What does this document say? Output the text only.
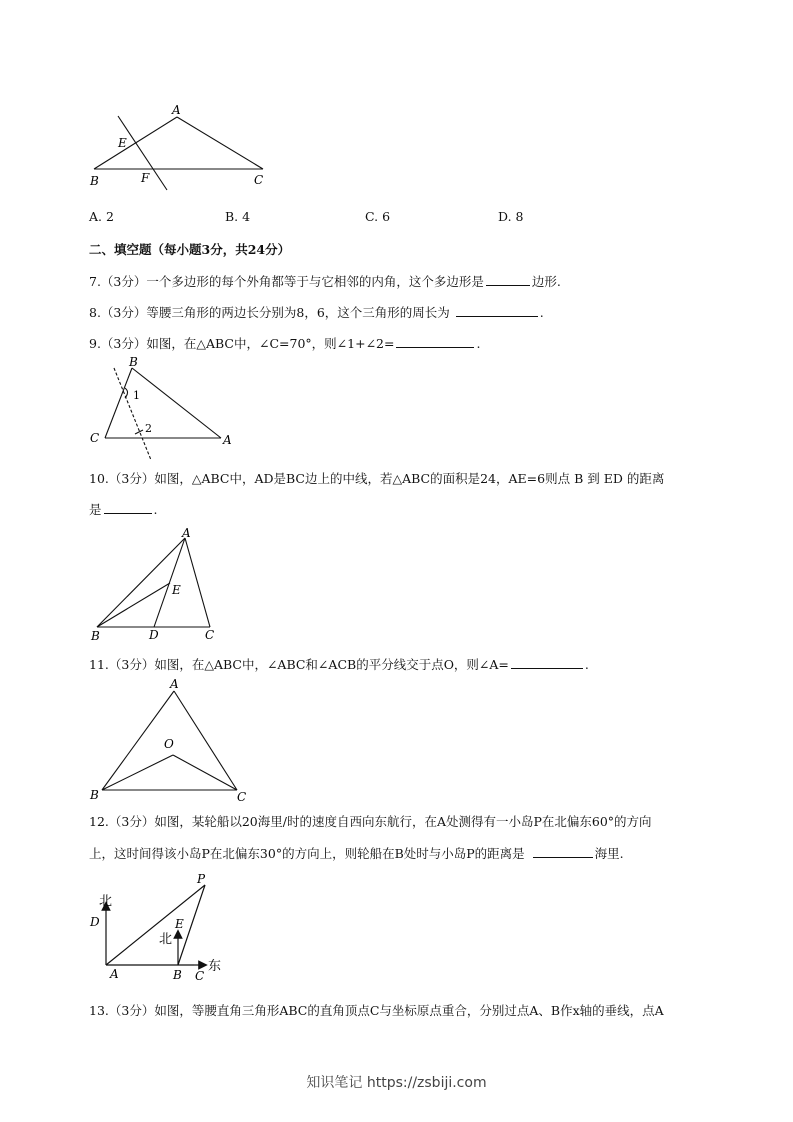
A
E
B	F	C
A. 2	B. 4	C. 6	D. 8
二、填空题（每小题3分，共24分）
7.（3分）一个多边形的每个外角都等于与它相邻的内角，这个多边形是	边形.
8.（3分）等腰三角形的两边长分别为8，6，这个三角形的周长为	.
9.（3分）如图，在△ABC中，∠C=70°，则∠1+∠2=	.
B
C	A
1
2
10.（3分）如图，△ABC中，AD是BC边上的中线，若△ABC的面积是24，AE=6则点 B 到 ED 的距离
是	.
A
E
B	D	C
11.（3分）如图，在△ABC中，∠ABC和∠ACB的平分线交于点O，则∠A=	.
A
O
B	C
12.（3分）如图，某轮船以20海里/时的速度自西向东航行，在A处测得有一小岛P在北偏东60°的方向
上，这时间得该小岛P在北偏东30°的方向上，则轮船在B处时与小岛P的距离是	海里.
北
D
P
E
北
A	B C
东
13.（3分）如图，等腰直角三角形ABC的直角顶点C与坐标原点重合，分别过点A、B作x轴的垂线，点A
知识笔记 https://zsbiji.com
